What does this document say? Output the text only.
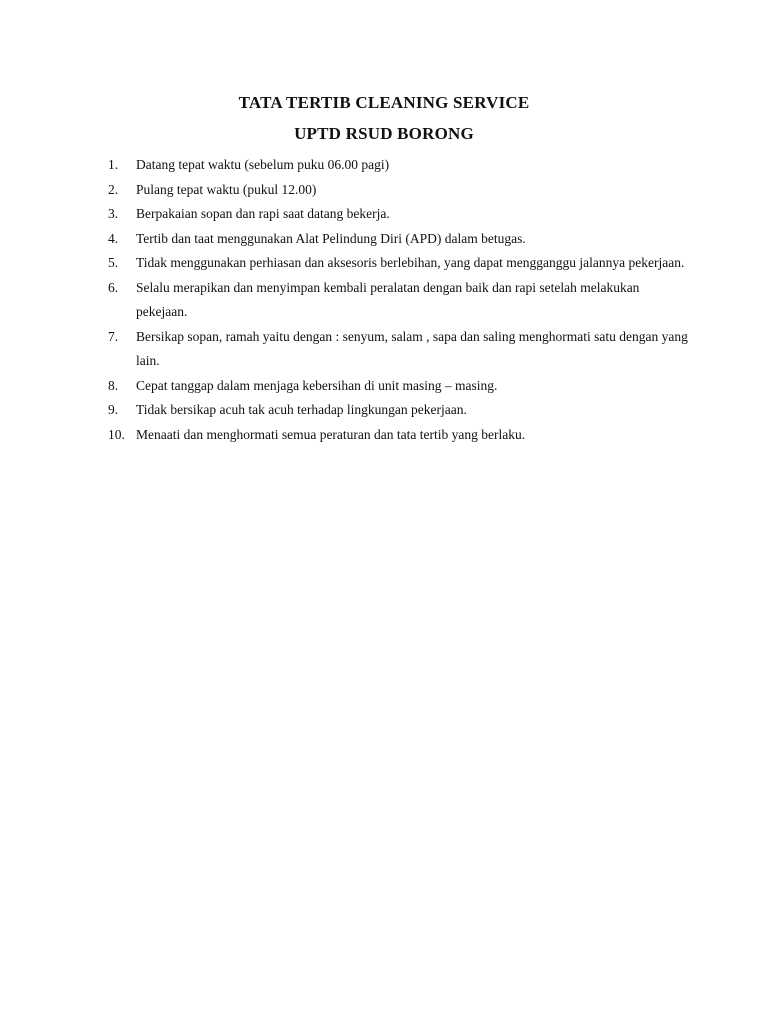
TATA TERTIB CLEANING SERVICE
UPTD RSUD BORONG
1.	Datang tepat waktu (sebelum puku 06.00 pagi)
2.	Pulang tepat waktu (pukul 12.00)
3.	Berpakaian sopan dan rapi saat datang bekerja.
4.	Tertib dan taat menggunakan Alat Pelindung Diri (APD) dalam betugas.
5.	Tidak menggunakan perhiasan dan aksesoris berlebihan, yang dapat mengganggu jalannya pekerjaan.
6.	Selalu merapikan dan menyimpan kembali peralatan dengan baik dan rapi setelah melakukan pekejaan.
7.	Bersikap sopan, ramah yaitu dengan : senyum, salam , sapa dan saling menghormati satu dengan yang lain.
8.	Cepat tanggap dalam menjaga kebersihan di unit masing – masing.
9.	Tidak bersikap acuh tak acuh terhadap lingkungan pekerjaan.
10. Menaati dan menghormati semua peraturan dan tata tertib yang berlaku.
